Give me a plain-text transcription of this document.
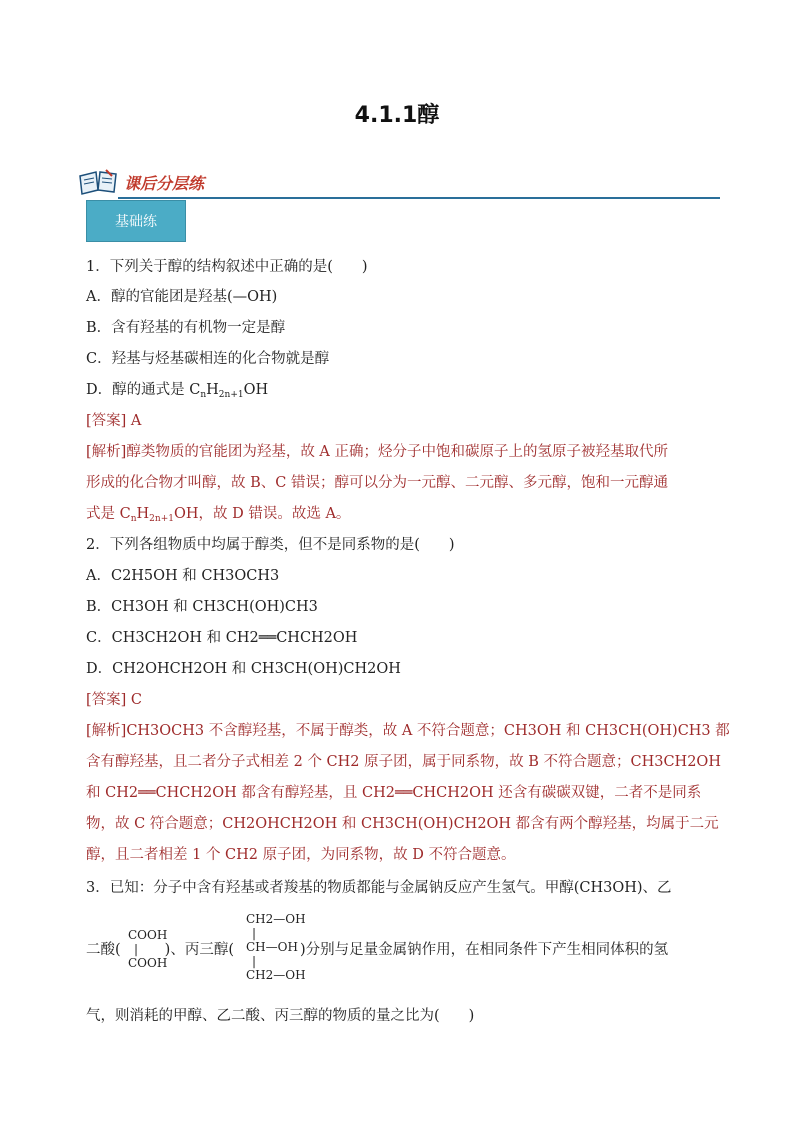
4.1.1醇
课后分层练
基础练
1．下列关于醇的结构叙述中正确的是(　　)
A．醇的官能团是羟基(—OH)
B．含有羟基的有机物一定是醇
C．羟基与烃基碳相连的化合物就是醇
D．醇的通式是 $C_nH_{2n+1}OH$
[答案] A
[解析]醇类物质的官能团为羟基，故 A 正确；烃分子中饱和碳原子上的氢原子被羟基取代所
形成的化合物才叫醇，故 B、C 错误；醇可以分为一元醇、二元醇、多元醇，饱和一元醇通
式是 $C_nH_{2n+1}OH$，故 D 错误。故选 A。
2．下列各组物质中均属于醇类，但不是同系物的是(　　)
A．C2H5OH 和 CH3OCH3
B．CH3OH 和 CH3CH(OH)CH3
C．CH3CH2OH 和 CH2══CHCH2OH
D．CH2OHCH2OH 和 CH3CH(OH)CH2OH
[答案] C
[解析]CH3OCH3 不含醇羟基，不属于醇类，故 A 不符合题意；CH3OH 和 CH3CH(OH)CH3 都
含有醇羟基，且二者分子式相差 2 个 CH2 原子团，属于同系物，故 B 不符合题意；CH3CH2OH
和 CH2══CHCH2OH 都含有醇羟基，且 CH2══CHCH2OH 还含有碳碳双键，二者不是同系
物，故 C 符合题意；CH2OHCH2OH 和 CH3CH(OH)CH2OH 都含有两个醇羟基，均属于二元
醇，且二者相差 1 个 CH2 原子团，为同系物，故 D 不符合题意。
3．已知：分子中含有羟基或者羧基的物质都能与金属钠反应产生氢气。甲醇(CH3OH)、乙
二酸(	)、丙三醇(	)分别与足量金属钠作用，在相同条件下产生相同体积的氢
COOH
|
COOH
CH2—OH
|
CH—OH
|
CH2—OH
气，则消耗的甲醇、乙二酸、丙三醇的物质的量之比为(　　)
